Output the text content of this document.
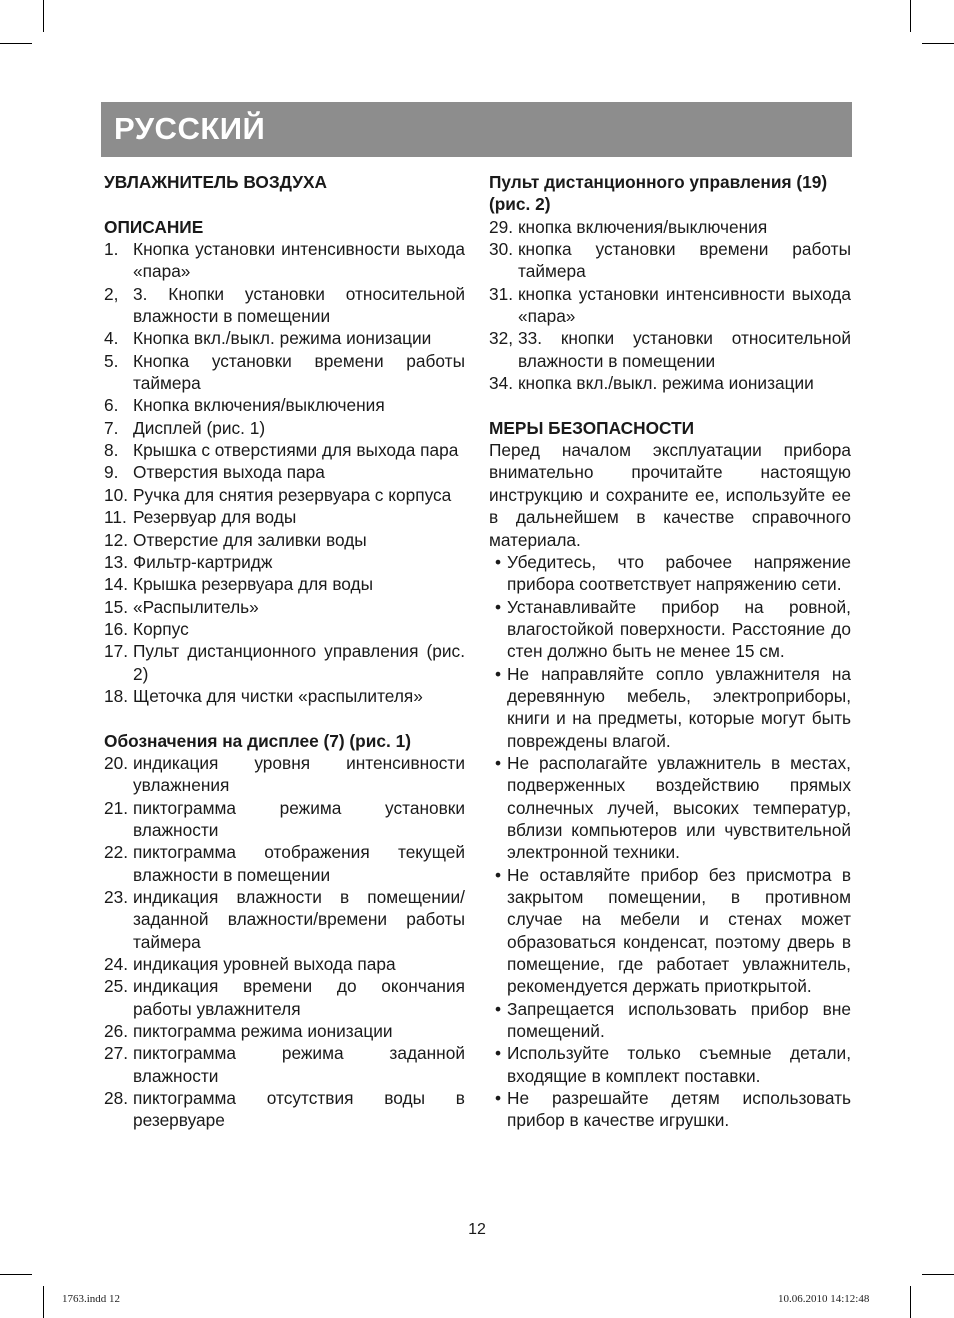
РУССКИЙ
УВЛАЖНИТЕЛЬ ВОЗДУХА
ОПИСАНИЕ
1. Кнопка установки интенсивности выхода «пара»
2, 3. Кнопки установки относительной влажности в помещении
4. Кнопка вкл./выкл. режима ионизации
5. Кнопка установки времени работы таймера
6. Кнопка включения/выключения
7. Дисплей (рис. 1)
8. Крышка с отверстиями для выхода пара
9. Отверстия выхода пара
10. Ручка для снятия резервуара с корпуса
11. Резервуар для воды
12. Отверстие для заливки воды
13. Фильтр-картридж
14. Крышка резервуара для воды
15. «Распылитель»
16. Корпус
17. Пульт дистанционного управления (рис. 2)
18. Щеточка для чистки «распылителя»
Обозначения на дисплее (7) (рис. 1)
20. индикация уровня интенсивности увлажнения
21. пиктограмма режима установки влажности
22. пиктограмма отображения текущей влажности в помещении
23. индикация влажности в помещении/заданной влажности/времени работы таймера
24. индикация уровней выхода пара
25. индикация времени до окончания работы увлажнителя
26. пиктограмма режима ионизации
27. пиктограмма режима заданной влажности
28. пиктограмма отсутствия воды в резервуаре
Пульт дистанционного управления (19) (рис. 2)
29. кнопка включения/выключения
30. кнопка установки времени работы таймера
31. кнопка установки интенсивности выхода «пара»
32, 33. кнопки установки относительной влажности в помещении
34. кнопка вкл./выкл. режима ионизации
МЕРЫ БЕЗОПАСНОСТИ
Перед началом эксплуатации прибора внимательно прочитайте настоящую инструкцию и сохраните ее, используйте ее в дальнейшем в качестве справочного материала.
• Убедитесь, что рабочее напряжение прибора соответствует напряжению сети.
• Устанавливайте прибор на ровной, влагостойкой поверхности. Расстояние до стен должно быть не менее 15 см.
• Не направляйте сопло увлажнителя на деревянную мебель, электроприборы, книги и на предметы, которые могут быть повреждены влагой.
• Не располагайте увлажнитель в местах, подверженных воздействию прямых солнечных лучей, высоких температур, вблизи компьютеров или чувствительной электронной техники.
• Не оставляйте прибор без присмотра в закрытом помещении, в противном случае на мебели и стенах может образоваться конденсат, поэтому дверь в помещение, где работает увлажнитель, рекомендуется держать приоткрытой.
• Запрещается использовать прибор вне помещений.
• Используйте только съемные детали, входящие в комплект поставки.
• Не разрешайте детям использовать прибор в качестве игрушки.
12
1763.indd 12	10.06.2010 14:12:48
